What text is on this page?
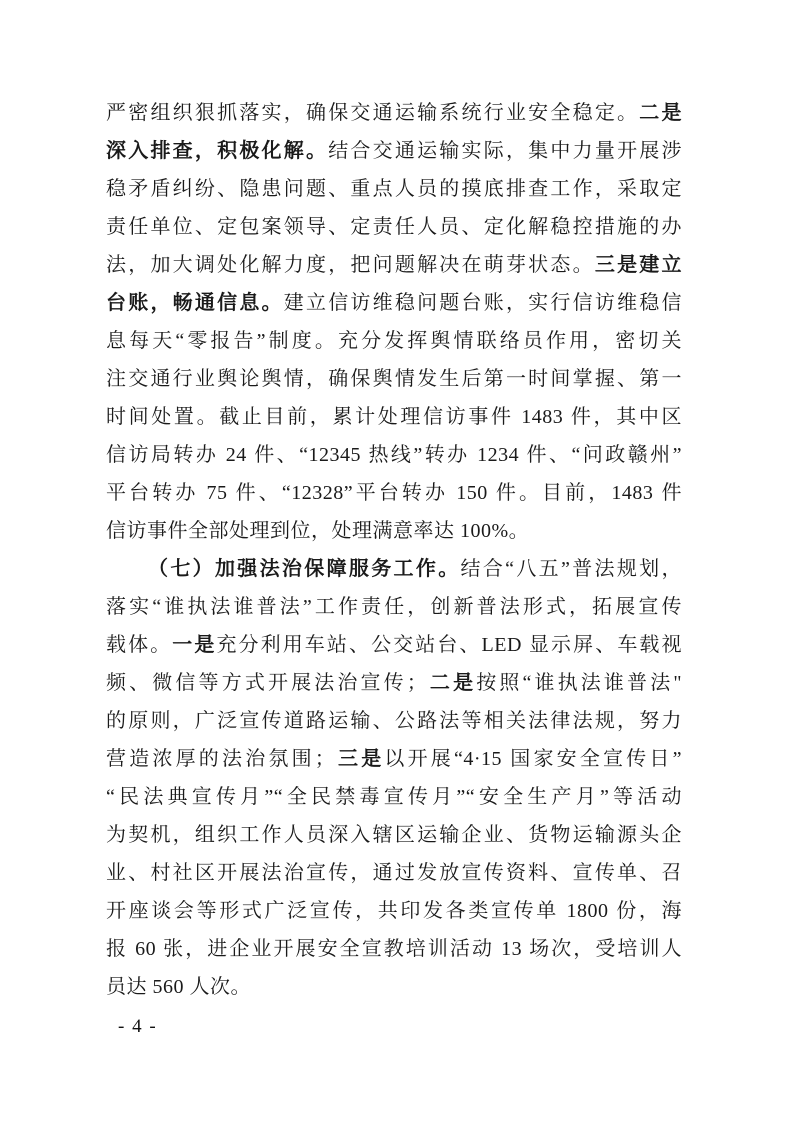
严密组织狠抓落实，确保交通运输系统行业安全稳定。二是
深入排查，积极化解。结合交通运输实际，集中力量开展涉
稳矛盾纠纷、隐患问题、重点人员的摸底排查工作，采取定
责任单位、定包案领导、定责任人员、定化解稳控措施的办
法，加大调处化解力度，把问题解决在萌芽状态。三是建立
台账，畅通信息。建立信访维稳问题台账，实行信访维稳信
息每天“零报告”制度。充分发挥舆情联络员作用，密切关
注交通行业舆论舆情，确保舆情发生后第一时间掌握、第一
时间处置。截止目前，累计处理信访事件 1483 件，其中区
信访局转办 24 件、“12345 热线”转办 1234 件、“问政赣州”
平台转办 75 件、“12328”平台转办 150 件。目前，1483 件
信访事件全部处理到位，处理满意率达 100%。
（七）加强法治保障服务工作。结合“八五”普法规划，
落实“谁执法谁普法”工作责任，创新普法形式，拓展宣传
载体。一是充分利用车站、公交站台、LED 显示屏、车载视
频、微信等方式开展法治宣传；二是按照“谁执法谁普法"
的原则，广泛宣传道路运输、公路法等相关法律法规，努力
营造浓厚的法治氛围；三是以开展“4·15 国家安全宣传日”
“民法典宣传月”“全民禁毒宣传月”“安全生产月”等活动
为契机，组织工作人员深入辖区运输企业、货物运输源头企
业、村社区开展法治宣传，通过发放宣传资料、宣传单、召
开座谈会等形式广泛宣传，共印发各类宣传单 1800 份，海
报 60 张，进企业开展安全宣教培训活动 13 场次，受培训人
员达 560 人次。
- 4 -
